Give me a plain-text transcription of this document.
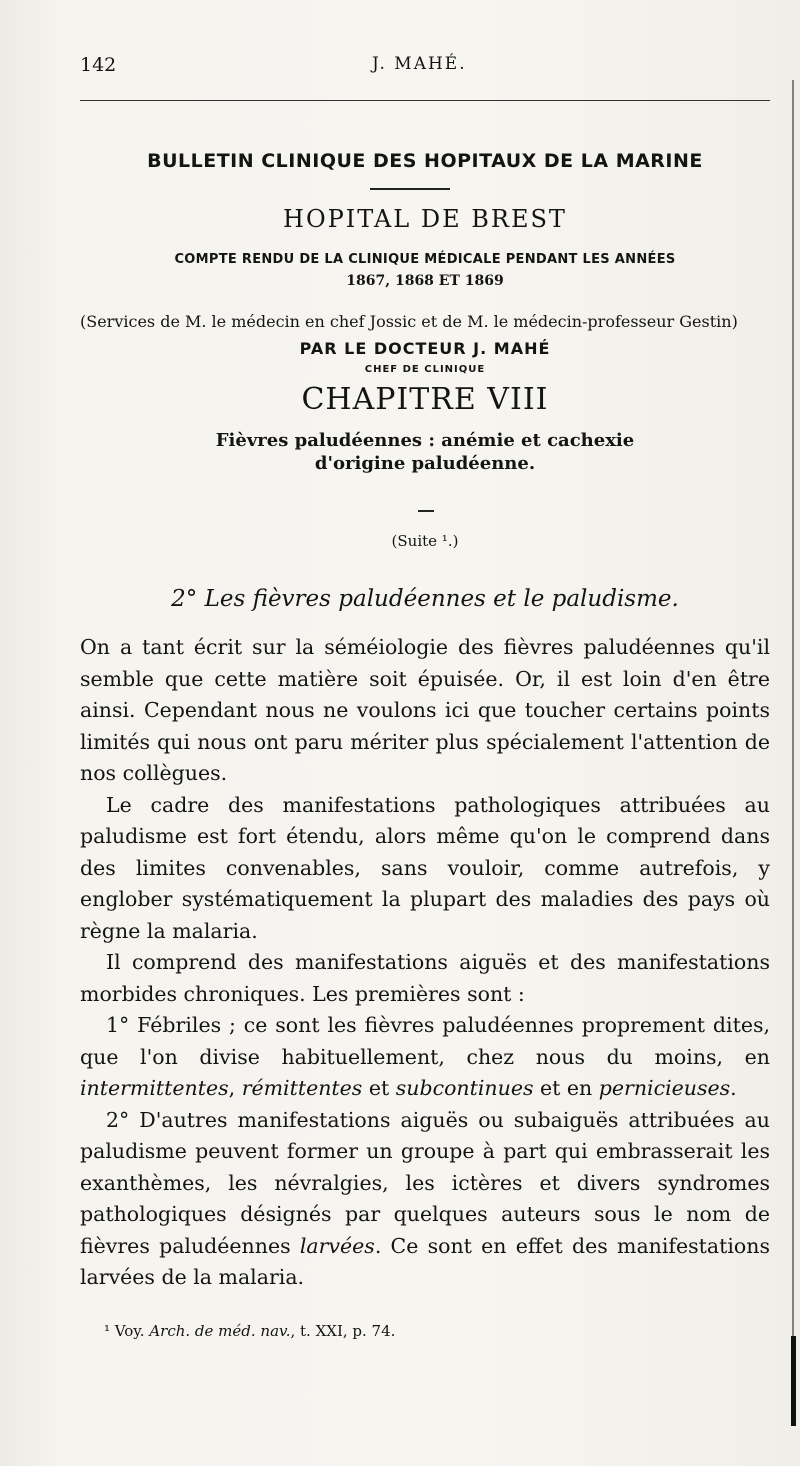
142	J. MAHÉ.
BULLETIN CLINIQUE DES HOPITAUX DE LA MARINE
HOPITAL DE BREST
COMPTE RENDU DE LA CLINIQUE MÉDICALE PENDANT LES ANNÉES
1867, 1868 ET 1869
(Services de M. le médecin en chef Jossic et de M. le médecin-professeur Gestin)
PAR LE DOCTEUR J. MAHÉ
CHEF DE CLINIQUE
CHAPITRE VIII
Fièvres paludéennes : anémie et cachexie
d'origine paludéenne.
(Suite ¹.)
2° Les fièvres paludéennes et le paludisme.

On a tant écrit sur la séméiologie des fièvres paludéennes qu'il semble que cette matière soit épuisée. Or, il est loin d'en être ainsi. Cependant nous ne voulons ici que toucher certains points limités qui nous ont paru mériter plus spécialement l'attention de nos collègues.

Le cadre des manifestations pathologiques attribuées au paludisme est fort étendu, alors même qu'on le comprend dans des limites convenables, sans vouloir, comme autrefois, y englober systématiquement la plupart des maladies des pays où règne la malaria.

Il comprend des manifestations aiguës et des manifestations morbides chroniques. Les premières sont :

1° Fébriles ; ce sont les fièvres paludéennes proprement dites, que l'on divise habituellement, chez nous du moins, en intermittentes, rémittentes et subcontinues et en pernicieuses.

2° D'autres manifestations aiguës ou subaiguës attribuées au paludisme peuvent former un groupe à part qui embrasserait les exanthèmes, les névralgies, les ictères et divers syndromes pathologiques désignés par quelques auteurs sous le nom de fièvres paludéennes larvées. Ce sont en effet des manifestations larvées de la malaria.

¹ Voy. Arch. de méd. nav., t. XXI, p. 74.
